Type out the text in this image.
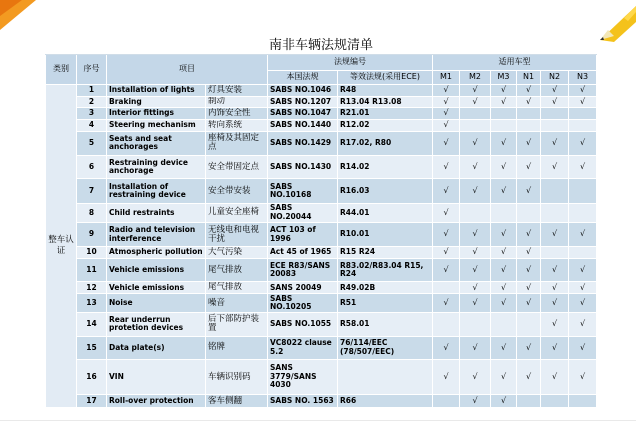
南非车辆法规清单											
类别	序号	项目		法规编号		适用车型					
				本国法规	等效法规(采用ECE)	M1	M2	M3	N1	N2	N3
整车认证	1	Installation of lights	灯具安装	SABS NO.1046	R48	√	√	√	√	√	√
	2	Braking	制动	SABS NO.1207	R13.04 R13.08	√	√	√	√	√	√
	3	Interior fittings	内饰安全性	SABS NO.1047	R21.01	√					
	4	Steering mechanism	转向系统	SABS NO.1440	R12.02	√					
	5	Seats and seat anchorages	座椅及其固定点	SABS NO.1429	R17.02, R80	√	√	√	√	√	√
	6	Restraining device anchorage	安全带固定点	SABS NO.1430	R14.02	√	√	√	√	√	√
	7	Installation of restraining device	安全带安装	SABS NO.10168	R16.03	√	√	√	√		
	8	Child restraints	儿童安全座椅	SABS NO.20044	R44.01	√					
	9	Radio and television interference	无线电和电视干扰	ACT 103 of 1996	R10.01	√	√	√	√	√	√
	10	Atmospheric pollution	大气污染	Act 45 of 1965	R15 R24	√	√	√	√		
	11	Vehicle emissions	尾气排放	ECE R83/SANS 20083	R83.02/R83.04 R15, R24	√	√	√	√	√	√
	12	Vehicle emissions	尾气排放	SANS 20049	R49.02B		√	√	√	√	√
	13	Noise	噪音	SABS NO.10205	R51	√	√	√	√	√	√
	14	Rear underrun protetion devices	后下部防护装置	SABS NO.1055	R58.01					√	√
	15	Data plate(s)	铭牌	VC8022 clause 5.2	76/114/EEC (78/507/EEC)	√	√	√	√	√	√
	16	VIN	车辆识别码	SANS 3779/SANS 4030		√	√	√	√	√	√
	17	Roll-over protection	客车侧翻	SABS NO. 1563	R66		√	√			
